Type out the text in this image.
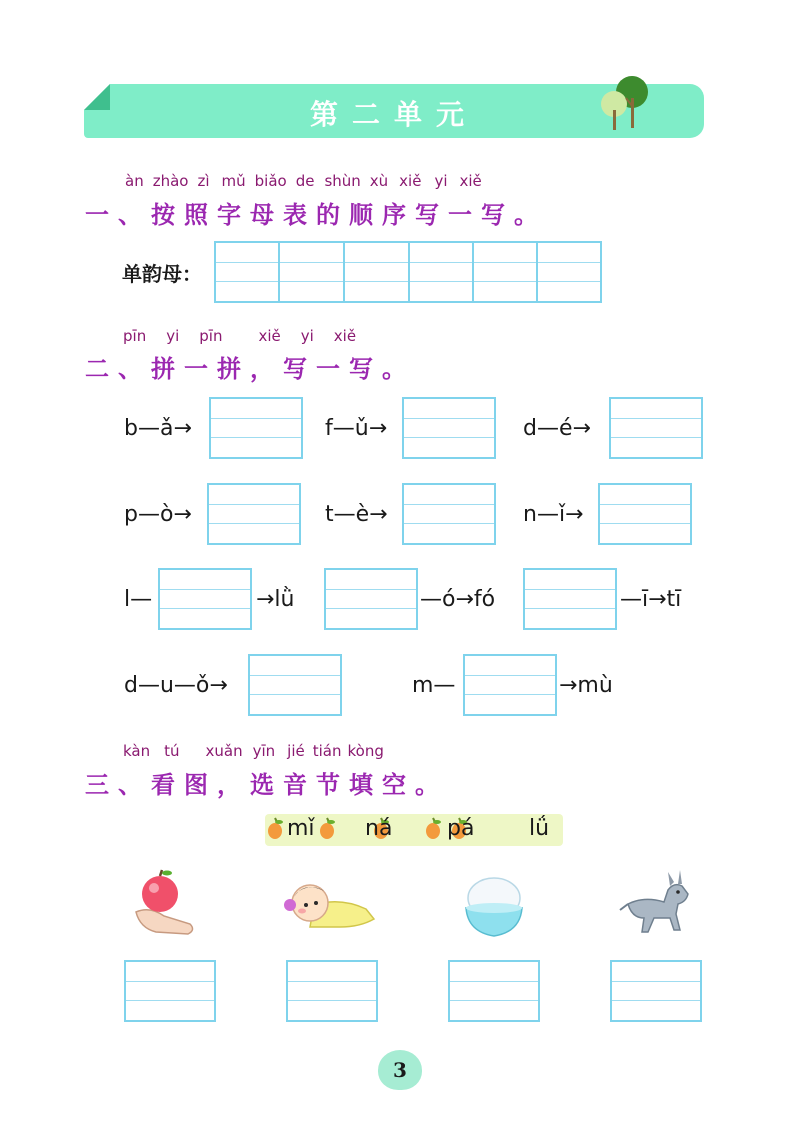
第二单元
àn zhào zì mǔ biǎo de shùn xù xiě yi xiě
一、按照字母表的顺序写一写。
单韵母：
pīn yi pīn xiě yi xiě
二、拼一拼，写一写。
b—ǎ→	f—ǔ→	d—é→
p—ò→	t—è→	n—ǐ→
l—	→lǜ	—ó→fó	—ī→tī
d—u—ǒ→	m—	→mù
kàn tú xuǎn yīn jié tián kòng
三、看图，选音节填空。
mǐ ná pá lǘ
3
